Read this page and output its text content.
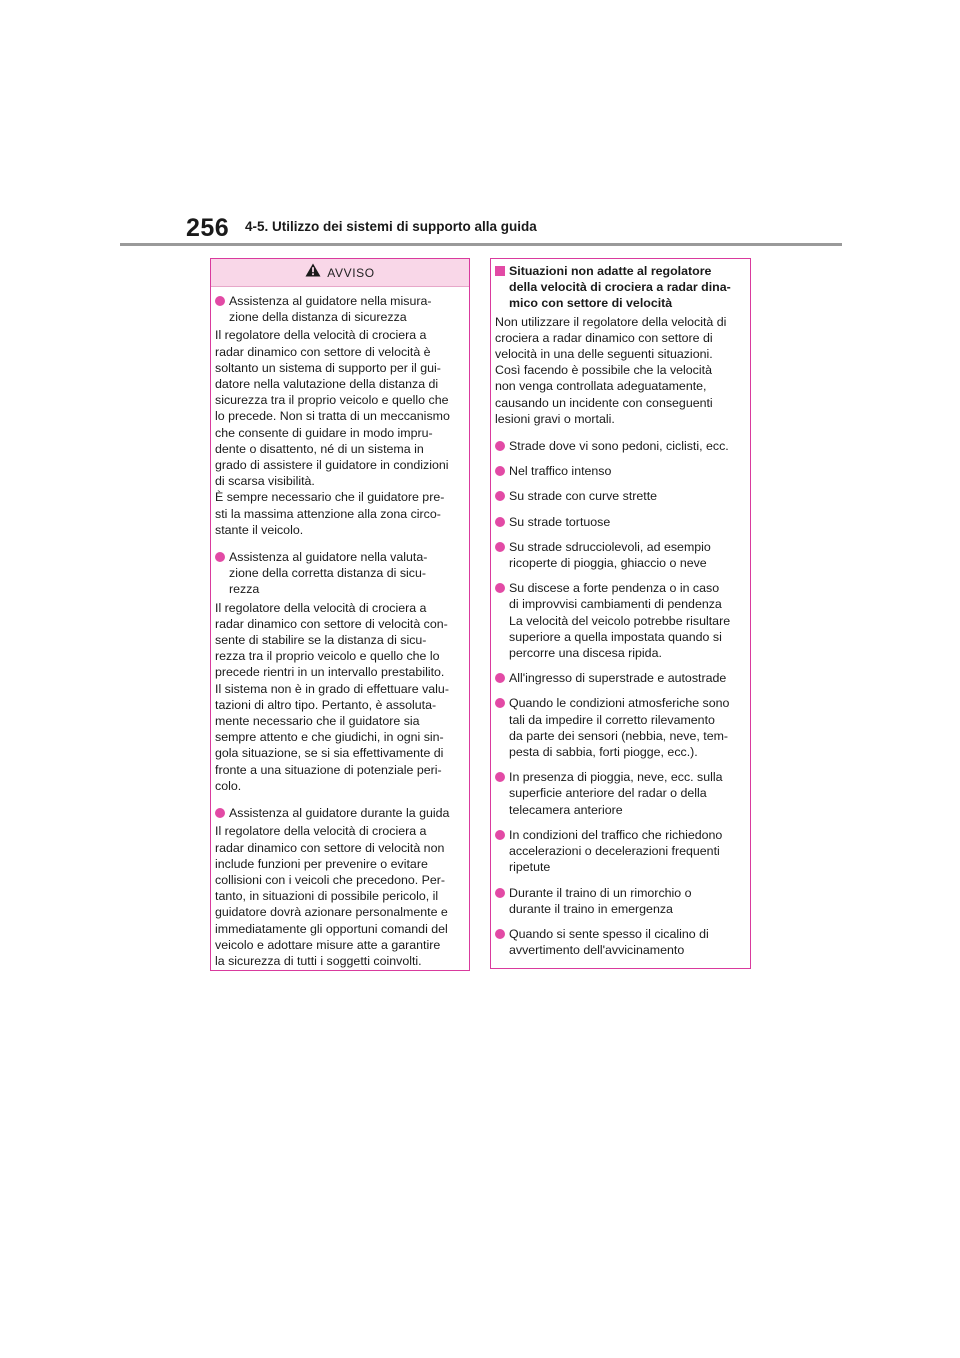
256 4-5. Utilizzo dei sistemi di supporto alla guida
AVVISO
Assistenza al guidatore nella misura-
zione della distanza di sicurezza
Il regolatore della velocità di crociera a
radar dinamico con settore di velocità è
soltanto un sistema di supporto per il gui-
datore nella valutazione della distanza di
sicurezza tra il proprio veicolo e quello che
lo precede. Non si tratta di un meccanismo
che consente di guidare in modo impru-
dente o disattento, né di un sistema in
grado di assistere il guidatore in condizioni
di scarsa visibilità.
È sempre necessario che il guidatore pre-
sti la massima attenzione alla zona circo-
stante il veicolo.
Assistenza al guidatore nella valuta-
zione della corretta distanza di sicu-
rezza
Il regolatore della velocità di crociera a
radar dinamico con settore di velocità con-
sente di stabilire se la distanza di sicu-
rezza tra il proprio veicolo e quello che lo
precede rientri in un intervallo prestabilito.
Il sistema non è in grado di effettuare valu-
tazioni di altro tipo. Pertanto, è assoluta-
mente necessario che il guidatore sia
sempre attento e che giudichi, in ogni sin-
gola situazione, se si sia effettivamente di
fronte a una situazione di potenziale peri-
colo.
Assistenza al guidatore durante la guida
Il regolatore della velocità di crociera a
radar dinamico con settore di velocità non
include funzioni per prevenire o evitare
collisioni con i veicoli che precedono. Per-
tanto, in situazioni di possibile pericolo, il
guidatore dovrà azionare personalmente e
immediatamente gli opportuni comandi del
veicolo e adottare misure atte a garantire
la sicurezza di tutti i soggetti coinvolti.
Situazioni non adatte al regolatore
della velocità di crociera a radar dina-
mico con settore di velocità
Non utilizzare il regolatore della velocità di
crociera a radar dinamico con settore di
velocità in una delle seguenti situazioni.
Così facendo è possibile che la velocità
non venga controllata adeguatamente,
causando un incidente con conseguenti
lesioni gravi o mortali.
Strade dove vi sono pedoni, ciclisti, ecc.
Nel traffico intenso
Su strade con curve strette
Su strade tortuose
Su strade sdrucciolevoli, ad esempio
ricoperte di pioggia, ghiaccio o neve
Su discese a forte pendenza o in caso
di improvvisi cambiamenti di pendenza
La velocità del veicolo potrebbe risultare
superiore a quella impostata quando si
percorre una discesa ripida.
All'ingresso di superstrade e autostrade
Quando le condizioni atmosferiche sono
tali da impedire il corretto rilevamento
da parte dei sensori (nebbia, neve, tem-
pesta di sabbia, forti piogge, ecc.).
In presenza di pioggia, neve, ecc. sulla
superficie anteriore del radar o della
telecamera anteriore
In condizioni del traffico che richiedono
accelerazioni o decelerazioni frequenti
ripetute
Durante il traino di un rimorchio o
durante il traino in emergenza
Quando si sente spesso il cicalino di
avvertimento dell'avvicinamento
